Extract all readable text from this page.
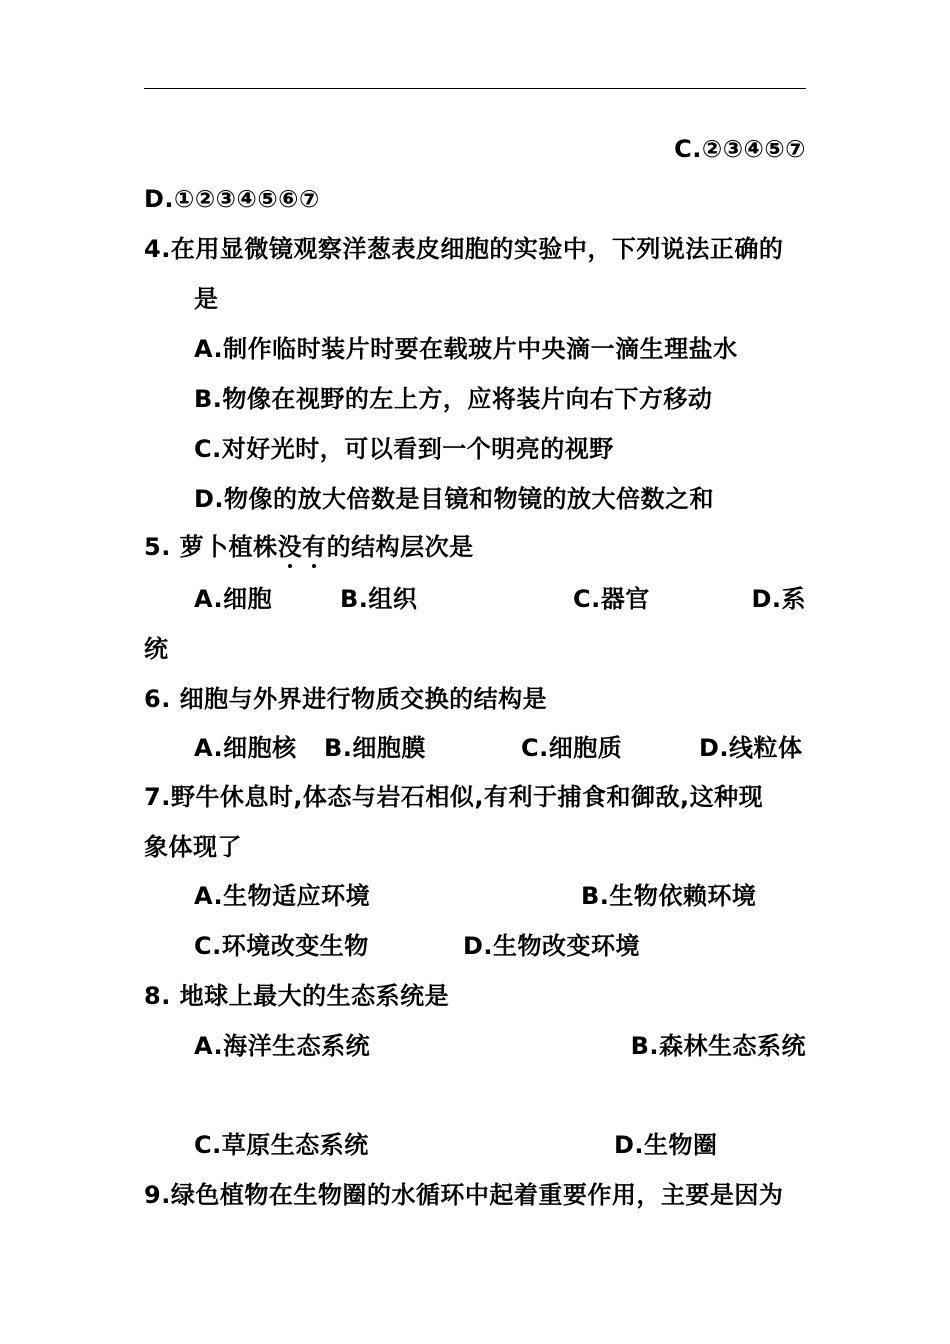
C.②③④⑤⑦
D.①②③④⑤⑥⑦
4.在用显微镜观察洋葱表皮细胞的实验中，下列说法正确的
是
A.制作临时装片时要在载玻片中央滴一滴生理盐水
B.物像在视野的左上方，应将装片向右下方移动
C.对好光时，可以看到一个明亮的视野
D.物像的放大倍数是目镜和物镜的放大倍数之和
5. 萝卜植株没有的结构层次是
A.细胞	B.组织	C.器官	D.系
统
6. 细胞与外界进行物质交换的结构是
A.细胞核 B.细胞膜	C.细胞质	D.线粒体
7.野牛休息时,体态与岩石相似,有利于捕食和御敌,这种现
象体现了
A.生物适应环境	B.生物依赖环境
C.环境改变生物	D.生物改变环境
8. 地球上最大的生态系统是
A.海洋生态系统	B.森林生态系统
C.草原生态系统	D.生物圈
9.绿色植物在生物圈的水循环中起着重要作用，主要是因为
